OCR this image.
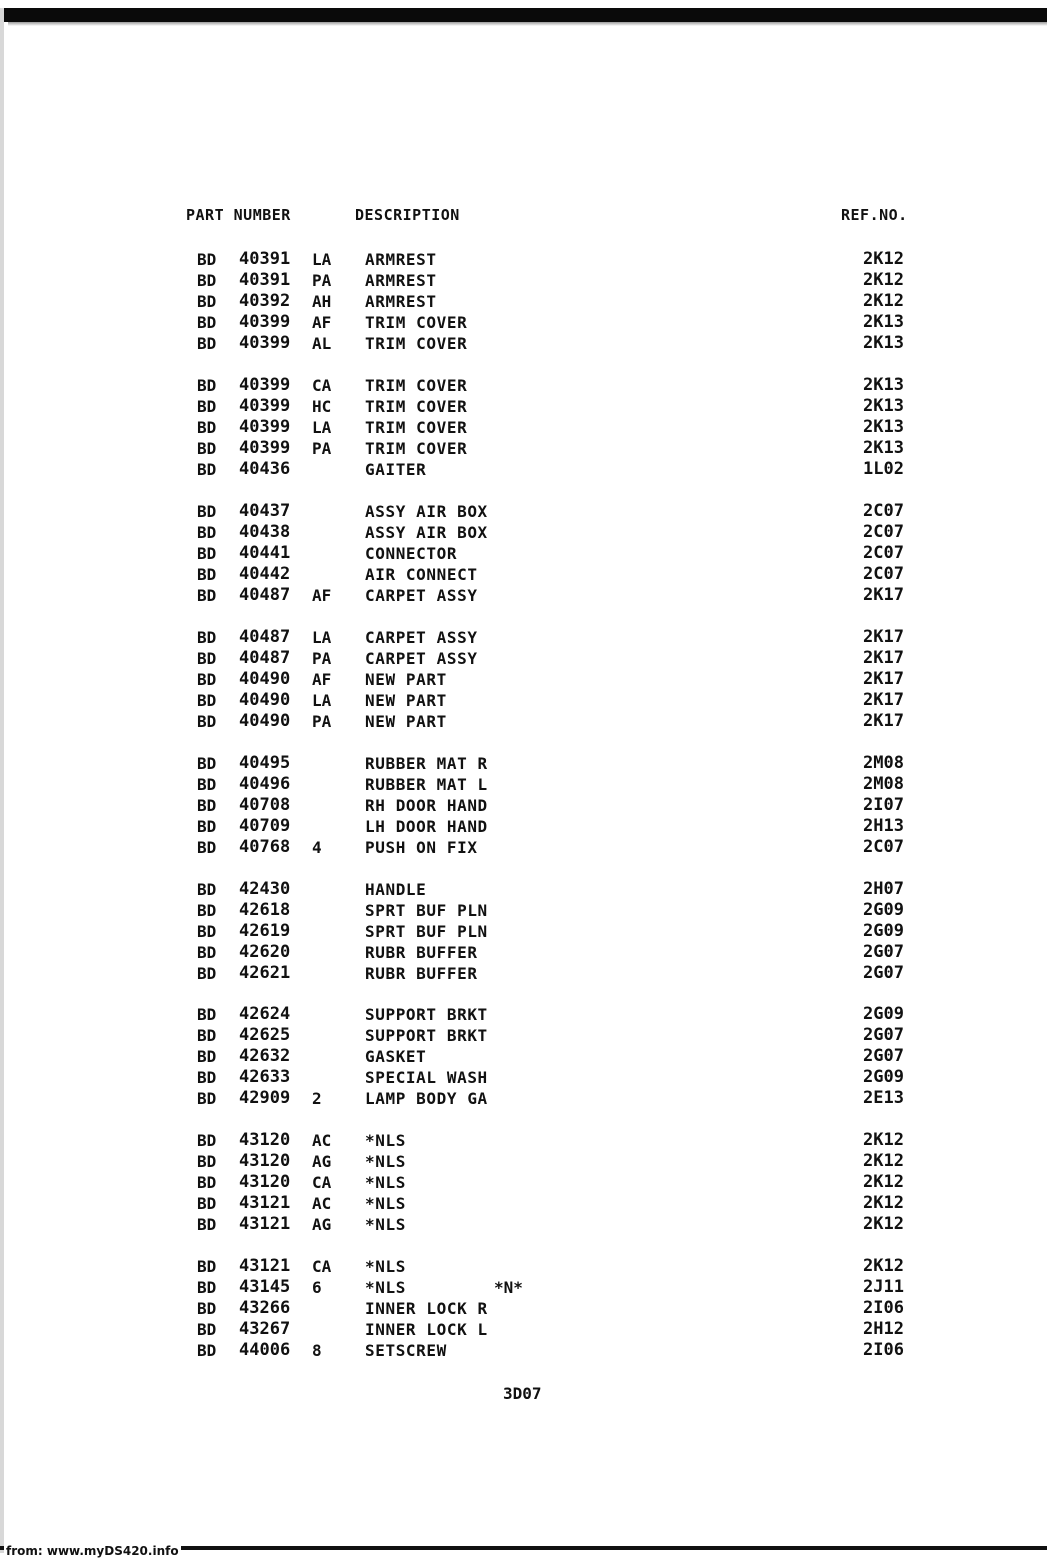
PART NUMBER	DESCRIPTION	REF.NO.
BD 40391 LA ARMREST	2K12
BD 40391 PA ARMREST	2K12
BD 40392 AH ARMREST	2K12
BD 40399 AF TRIM COVER	2K13
BD 40399 AL TRIM COVER	2K13
BD 40399 CA TRIM COVER	2K13
BD 40399 HC TRIM COVER	2K13
BD 40399 LA TRIM COVER	2K13
BD 40399 PA TRIM COVER	2K13
BD 40436	GAITER	1L02
BD 40437	ASSY AIR BOX	2C07
BD 40438	ASSY AIR BOX	2C07
BD 40441	CONNECTOR	2C07
BD 40442	AIR CONNECT	2C07
BD 40487 AF CARPET ASSY	2K17
BD 40487 LA CARPET ASSY	2K17
BD 40487 PA CARPET ASSY	2K17
BD 40490 AF NEW PART	2K17
BD 40490 LA NEW PART	2K17
BD 40490 PA NEW PART	2K17
BD 40495	RUBBER MAT R	2M08
BD 40496	RUBBER MAT L	2M08
BD 40708	RH DOOR HAND	2I07
BD 40709	LH DOOR HAND	2H13
BD 40768 4	PUSH ON FIX	2C07
BD 42430	HANDLE	2H07
BD 42618	SPRT BUF PLN	2G09
BD 42619	SPRT BUF PLN	2G09
BD 42620	RUBR BUFFER	2G07
BD 42621	RUBR BUFFER	2G07
BD 42624	SUPPORT BRKT	2G09
BD 42625	SUPPORT BRKT	2G07
BD 42632	GASKET	2G07
BD 42633	SPECIAL WASH	2G09
BD 42909 2	LAMP BODY GA	2E13
BD 43120 AC *NLS	2K12
BD 43120 AG *NLS	2K12
BD 43120 CA *NLS	2K12
BD 43121 AC *NLS	2K12
BD 43121 AG *NLS	2K12
BD 43121 CA *NLS	2K12
BD 43145 6	*NLS	*N*	2J11
BD 43266	INNER LOCK R	2I06
BD 43267	INNER LOCK L	2H12
BD 44006 8	SETSCREW	2I06
3D07
from: www.myDS420.info
